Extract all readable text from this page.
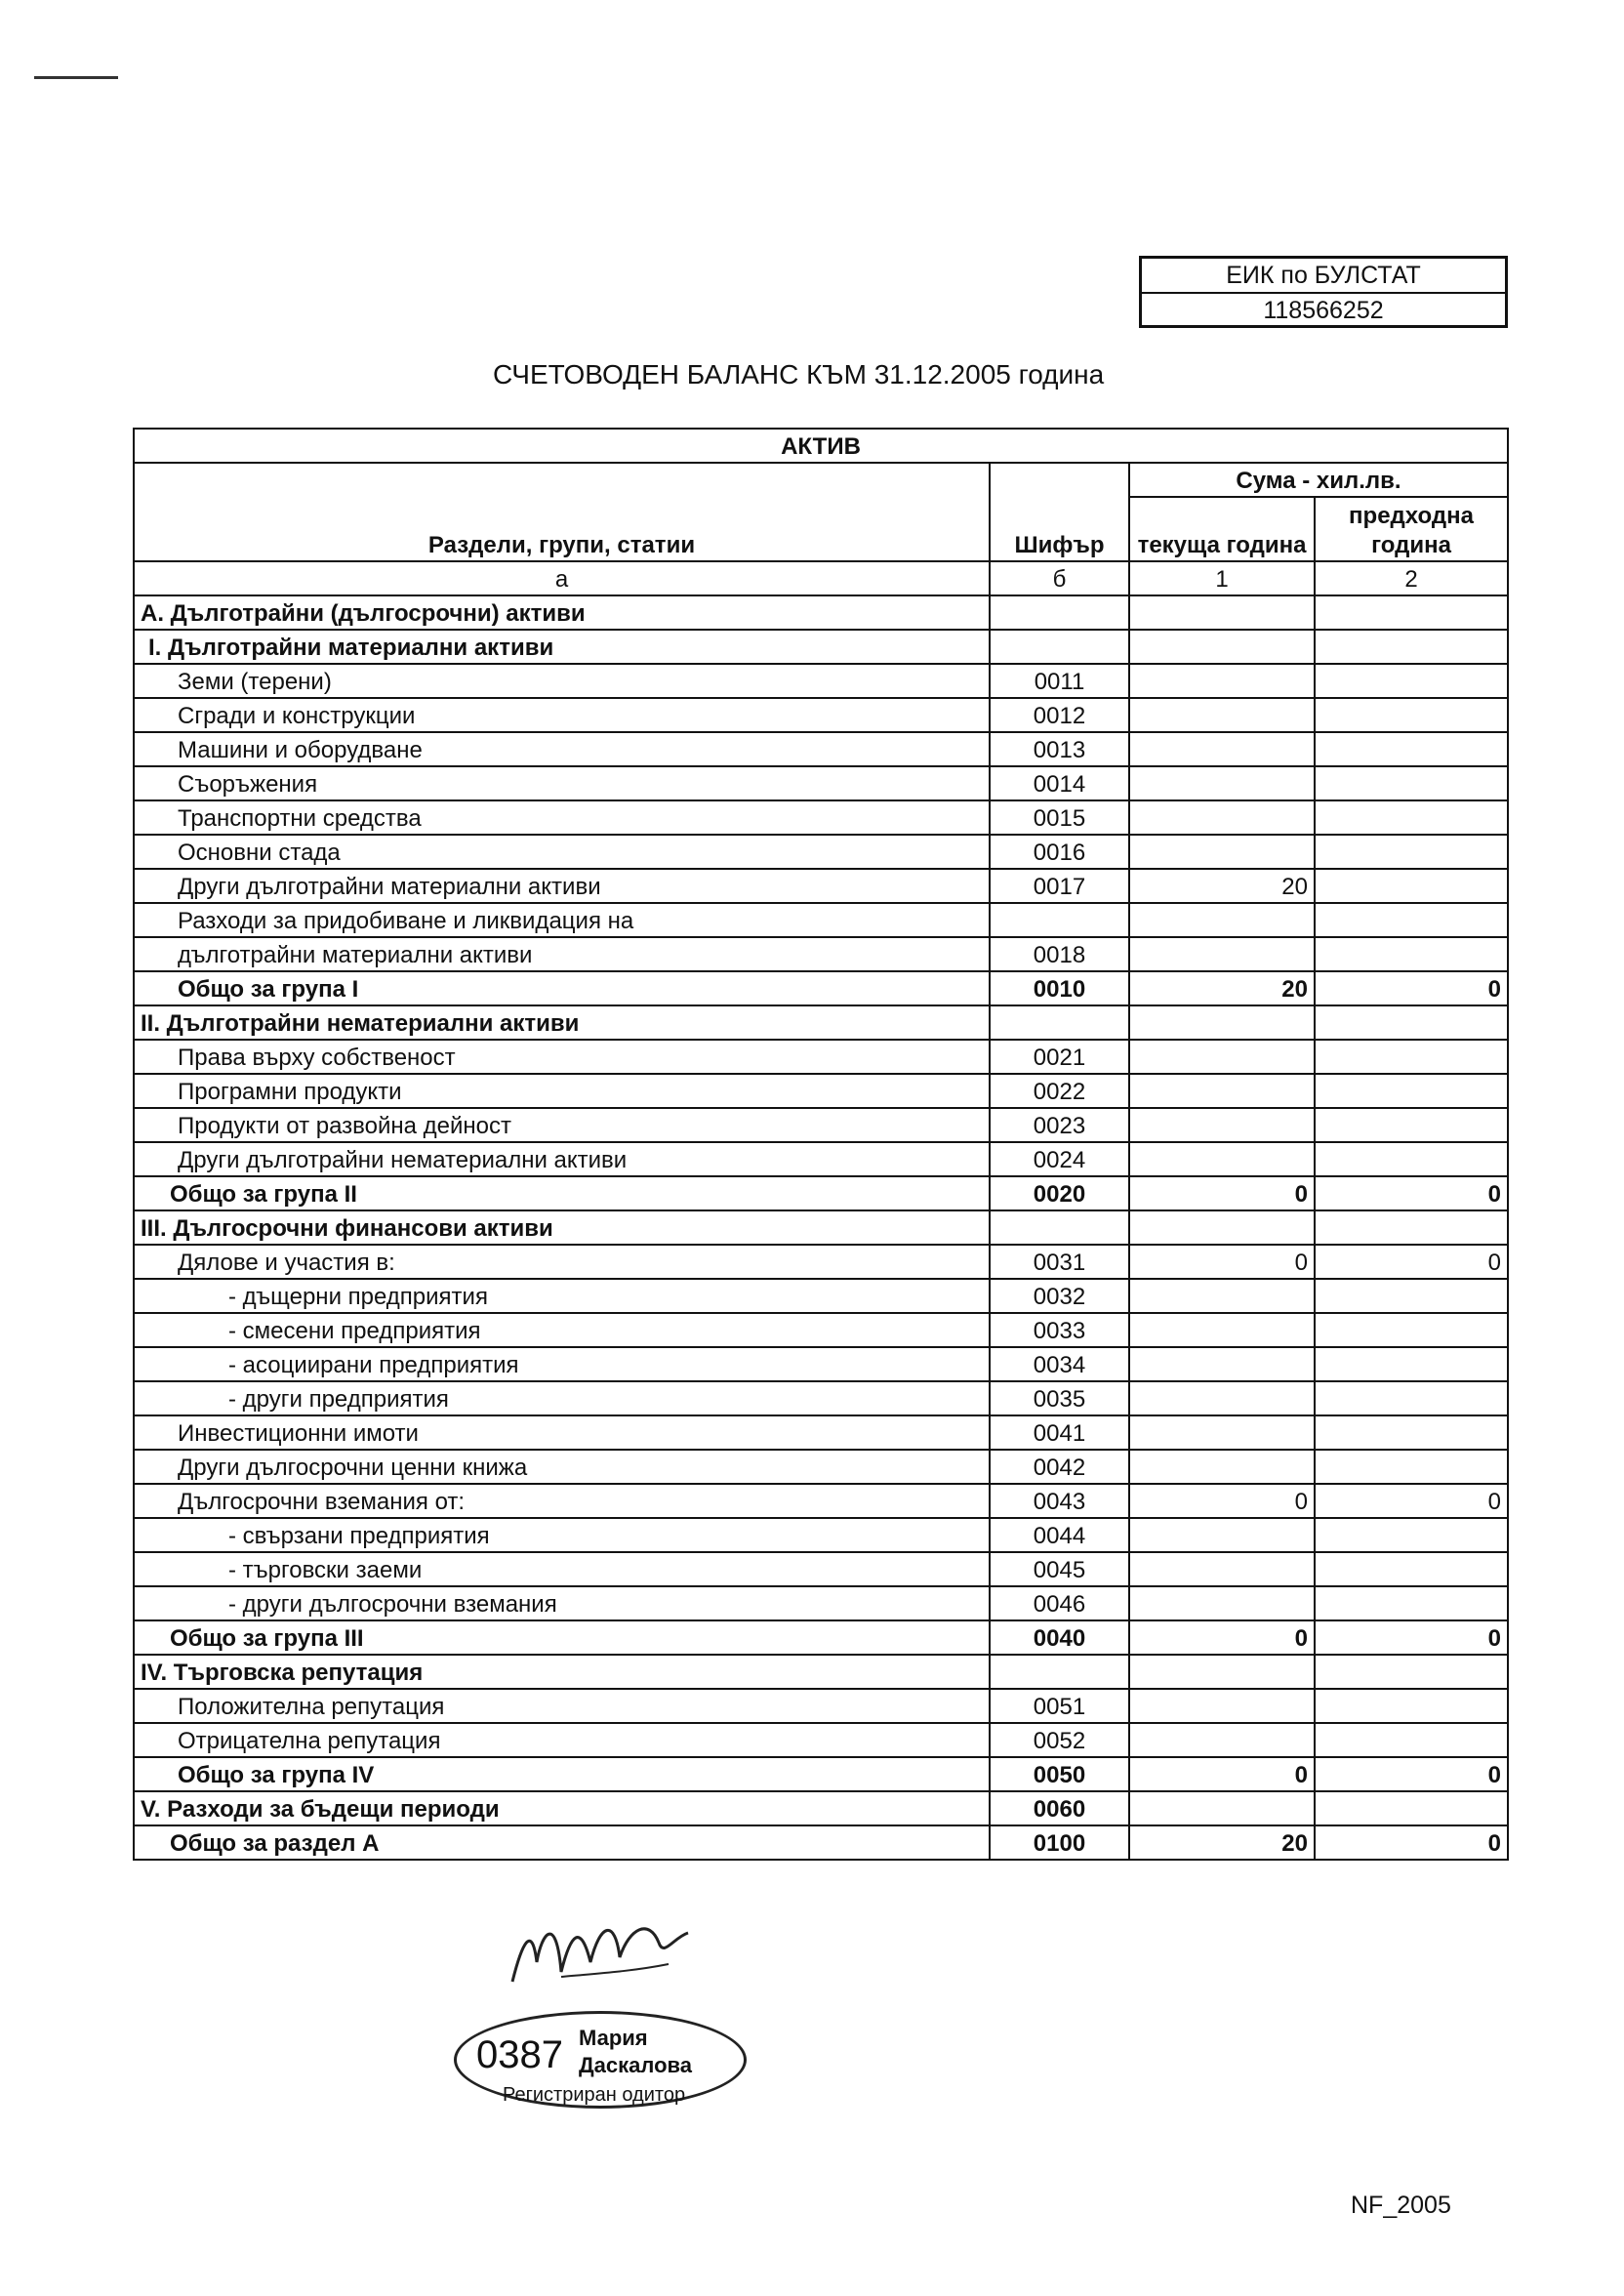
ЕИК по БУЛСТАТ
118566252
СЧЕТОВОДЕН БАЛАНС КЪМ 31.12.2005 година
АКТИВ			
Раздели, групи, статии	Шифър	Сума - хил.лв.	
		текуща година	предходна година
а	б	1	2
А. Дълготрайни (дългосрочни) активи			
I. Дълготрайни материални активи			
Земи (терени)	0011		
Сгради и конструкции	0012		
Машини и оборудване	0013		
Съоръжения	0014		
Транспортни средства	0015		
Основни стада	0016		
Други дълготрайни материални активи	0017	20	
Разходи за придобиване и ликвидация на			
дълготрайни материални активи	0018		
Общо за група I	0010	20	0
II. Дълготрайни нематериални активи			
Права върху собственост	0021		
Програмни продукти	0022		
Продукти от развойна дейност	0023		
Други дълготрайни нематериални активи	0024		
Общо за група II	0020	0	0
III. Дългосрочни финансови активи			
Дялове и участия в:	0031	0	0
- дъщерни предприятия	0032		
- смесени предприятия	0033		
- асоциирани предприятия	0034		
- други предприятия	0035		
Инвестиционни имоти	0041		
Други дългосрочни ценни книжа	0042		
Дългосрочни вземания от:	0043	0	0
- свързани предприятия	0044		
- търговски заеми	0045		
- други дългосрочни вземания	0046		
Общо за група III	0040	0	0
IV. Търговска репутация			
Положителна репутация	0051		
Отрицателна репутация	0052		
Общо за група IV	0050	0	0
V. Разходи за бъдещи периоди	0060		
Общо за раздел А	0100	20	0
0387 Мария
Даскалова
Регистриран одитор
NF_2005
